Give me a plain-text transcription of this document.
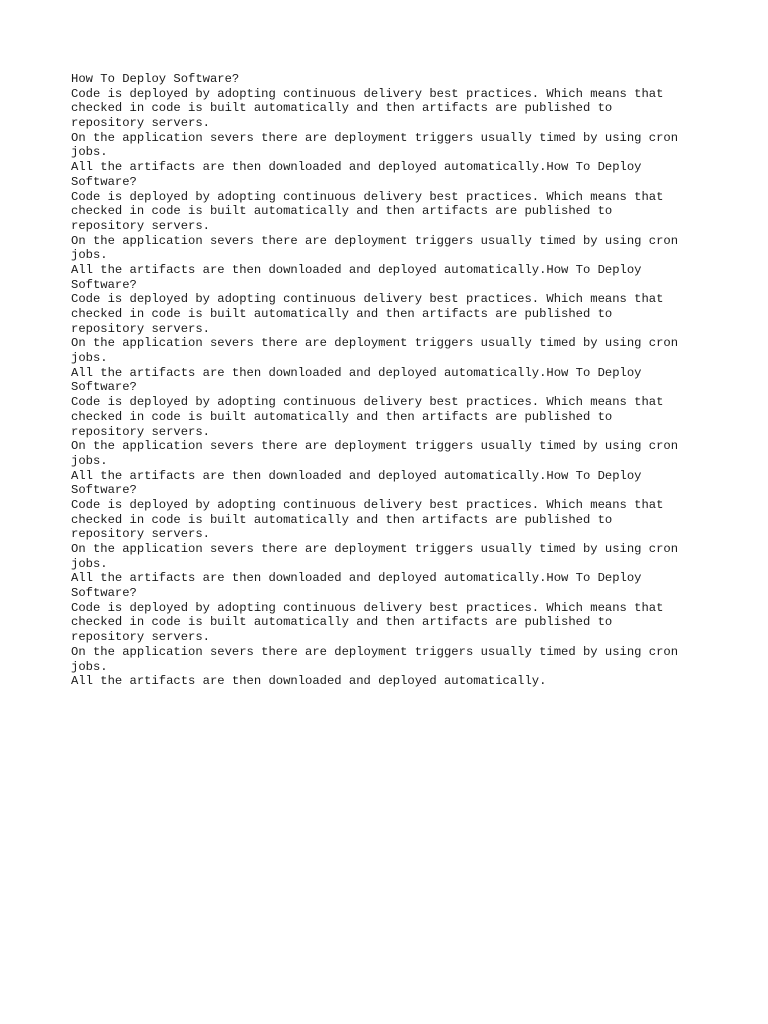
How To Deploy Software?
Code is deployed by adopting continuous delivery best practices. Which means that
checked in code is built automatically and then artifacts are published to
repository servers.
On the application severs there are deployment triggers usually timed by using cron
jobs.
All the artifacts are then downloaded and deployed automatically.How To Deploy
Software?
Code is deployed by adopting continuous delivery best practices. Which means that
checked in code is built automatically and then artifacts are published to
repository servers.
On the application severs there are deployment triggers usually timed by using cron
jobs.
All the artifacts are then downloaded and deployed automatically.How To Deploy
Software?
Code is deployed by adopting continuous delivery best practices. Which means that
checked in code is built automatically and then artifacts are published to
repository servers.
On the application severs there are deployment triggers usually timed by using cron
jobs.
All the artifacts are then downloaded and deployed automatically.How To Deploy
Software?
Code is deployed by adopting continuous delivery best practices. Which means that
checked in code is built automatically and then artifacts are published to
repository servers.
On the application severs there are deployment triggers usually timed by using cron
jobs.
All the artifacts are then downloaded and deployed automatically.How To Deploy
Software?
Code is deployed by adopting continuous delivery best practices. Which means that
checked in code is built automatically and then artifacts are published to
repository servers.
On the application severs there are deployment triggers usually timed by using cron
jobs.
All the artifacts are then downloaded and deployed automatically.How To Deploy
Software?
Code is deployed by adopting continuous delivery best practices. Which means that
checked in code is built automatically and then artifacts are published to
repository servers.
On the application severs there are deployment triggers usually timed by using cron
jobs.
All the artifacts are then downloaded and deployed automatically.
